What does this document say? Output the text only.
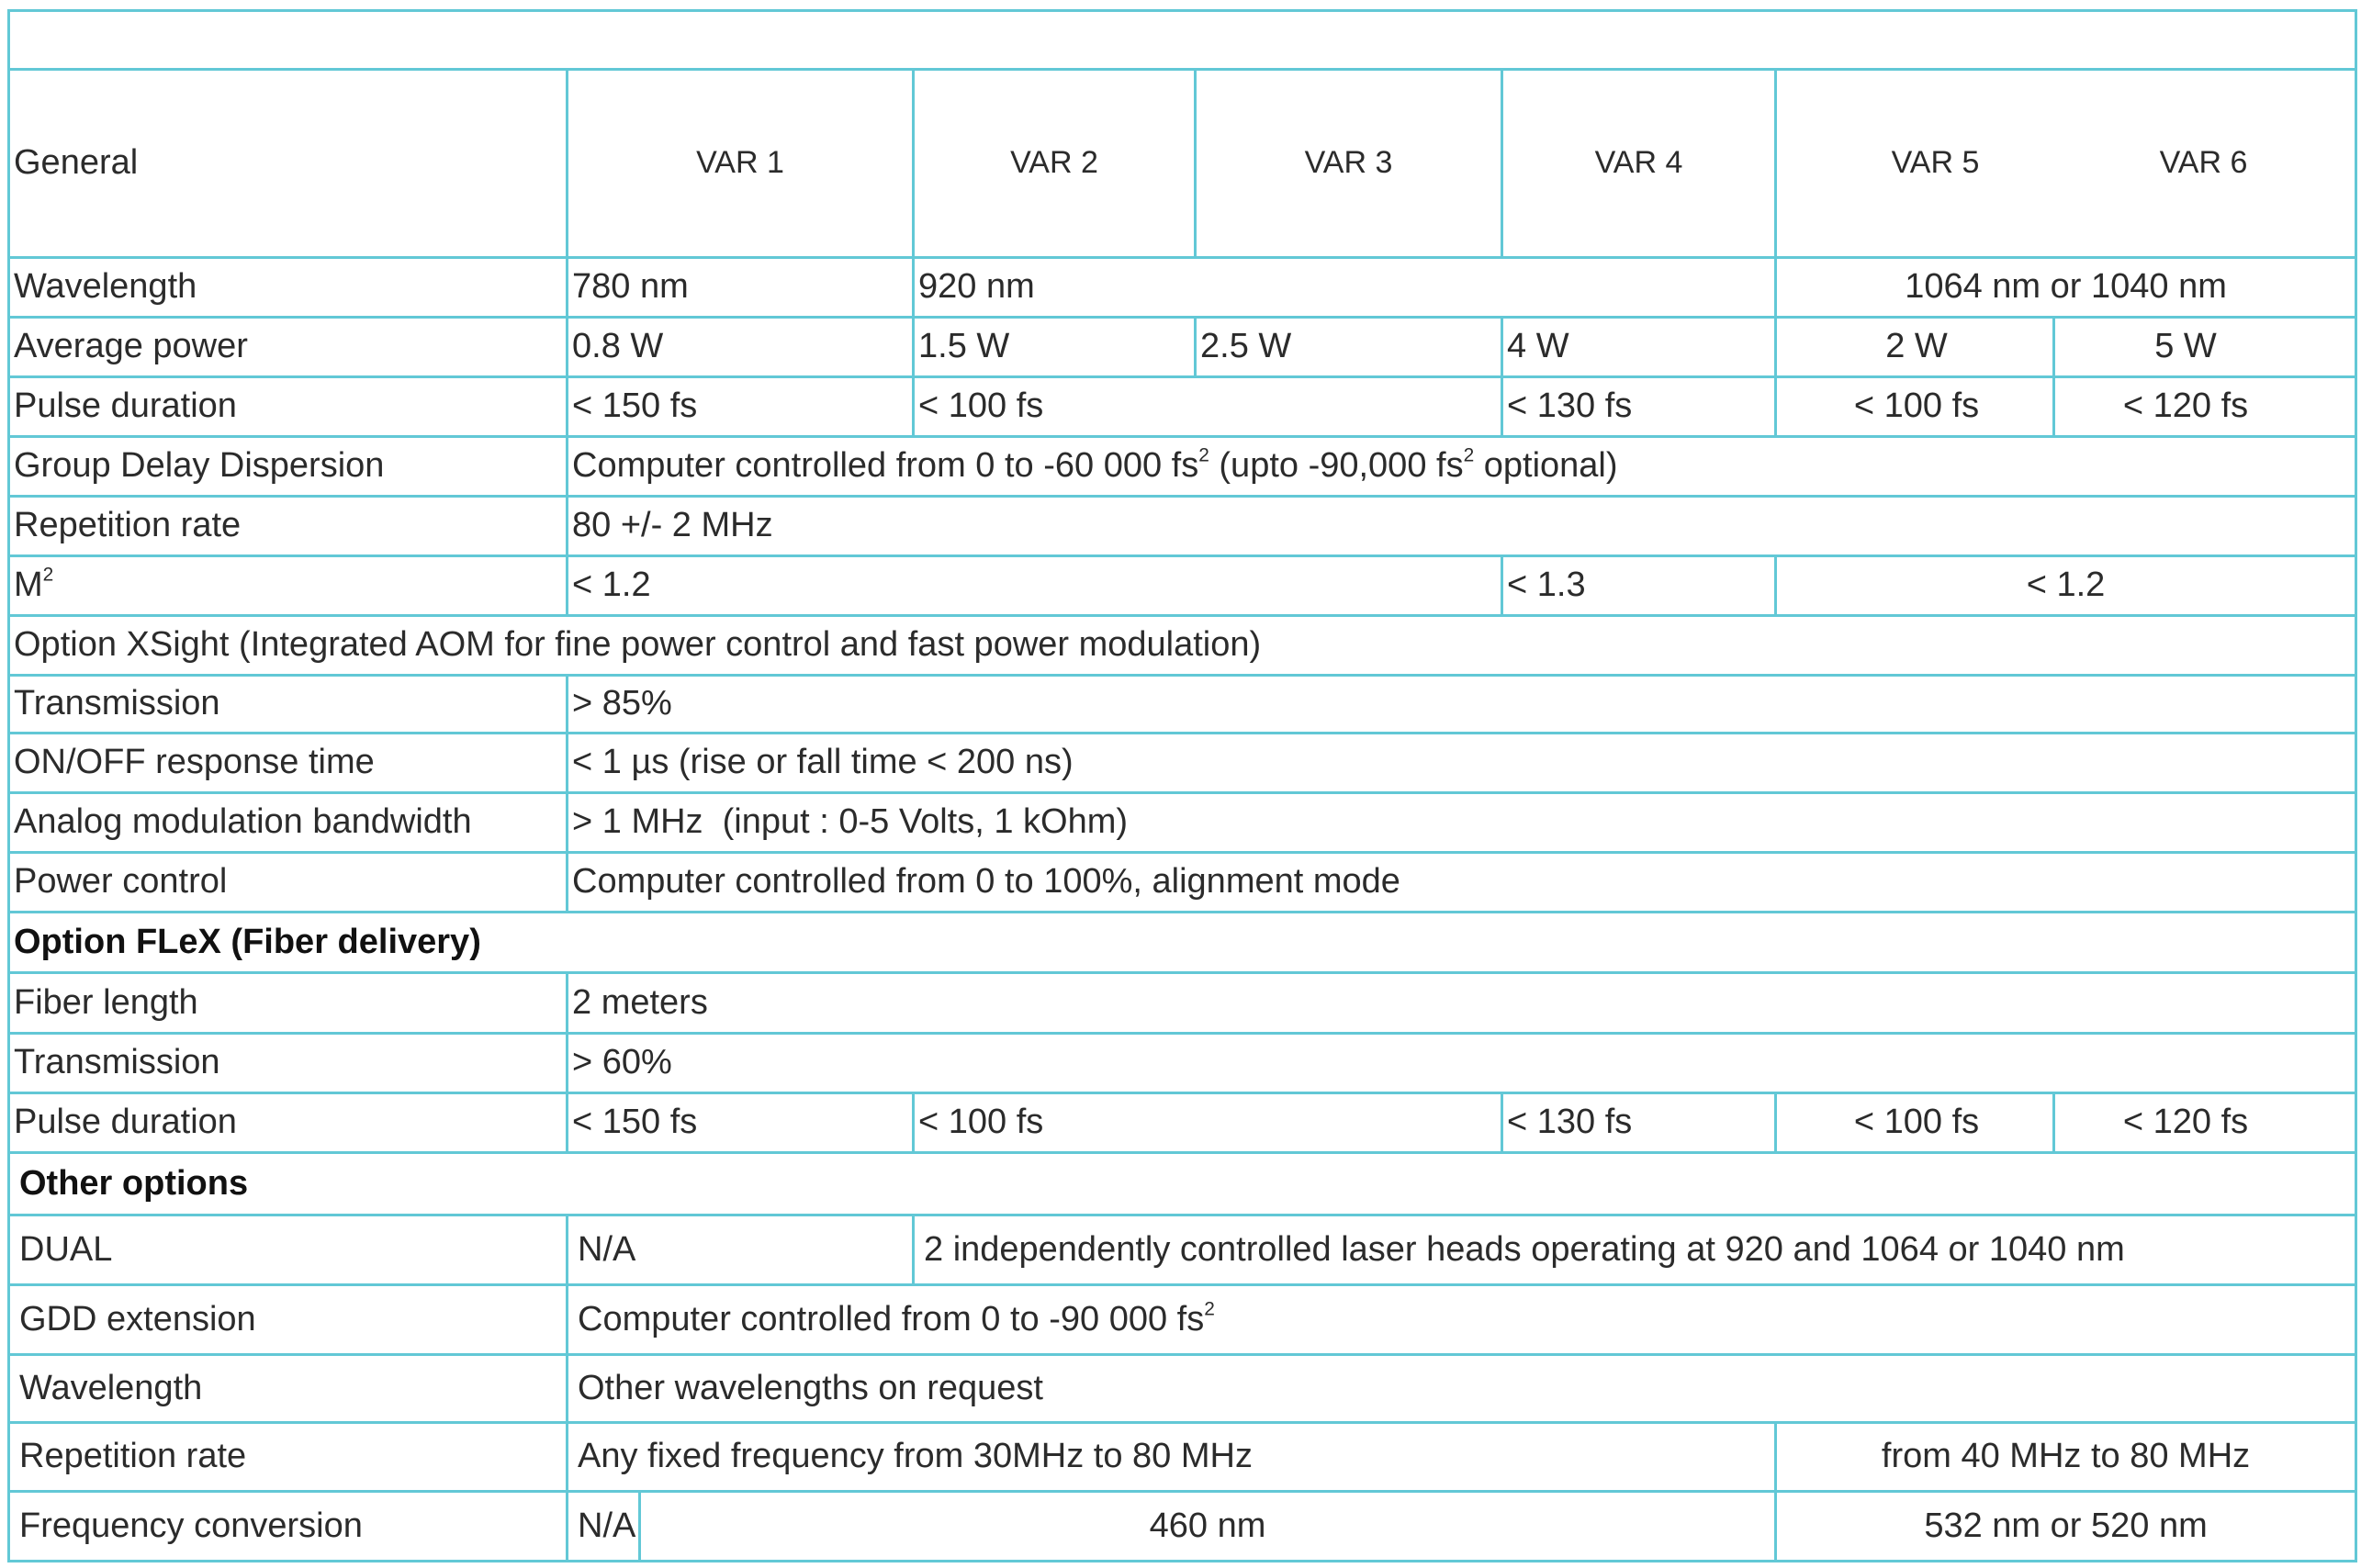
General	VAR 1		VAR 2	VAR 3	VAR 4	VAR 5 VAR 6
Wavelength	780 nm		920 nm			1064 nm or 1040 nm
Average power	0.8 W		1.5 W	2.5 W	4 W	2 W 5 W
Pulse duration	< 150 fs		< 100 fs		< 130 fs	< 100 fs < 120 fs
Group Delay Dispersion	Computer controlled from 0 to -60 000 $fs^2$ (upto -90,000 $fs^2$ optional)					
Repetition rate	80 +/- 2 MHz					
$M^2$	< 1.2				< 1.3	< 1.2
Option XSight (Integrated AOM for fine power control and fast power modulation)						
Transmission	> 85%					
ON/OFF response time	< 1 µs (rise or fall time < 200 ns)					
Analog modulation bandwidth	> 1 MHz  (input : 0-5 Volts, 1 kOhm)					
Power control	Computer controlled from 0 to 100%, alignment mode					
Option FLeX (Fiber delivery)						
Fiber length	2 meters					
Transmission	> 60%					
Pulse duration	< 150 fs		< 100 fs		< 130 fs	< 100 fs < 120 fs
Other options						
DUAL	N/A		2 independently controlled laser heads operating at 920 and 1064 or 1040 nm			
GDD extension	Computer controlled from 0 to -90 000 $fs^2$
Wavelength	Other wavelengths on request					
Repetition rate	Any fixed frequency from 30MHz to 80 MHz					from 40 MHz to 80 MHz
Frequency conversion	N/A	460 nm				532 nm or 520 nm
